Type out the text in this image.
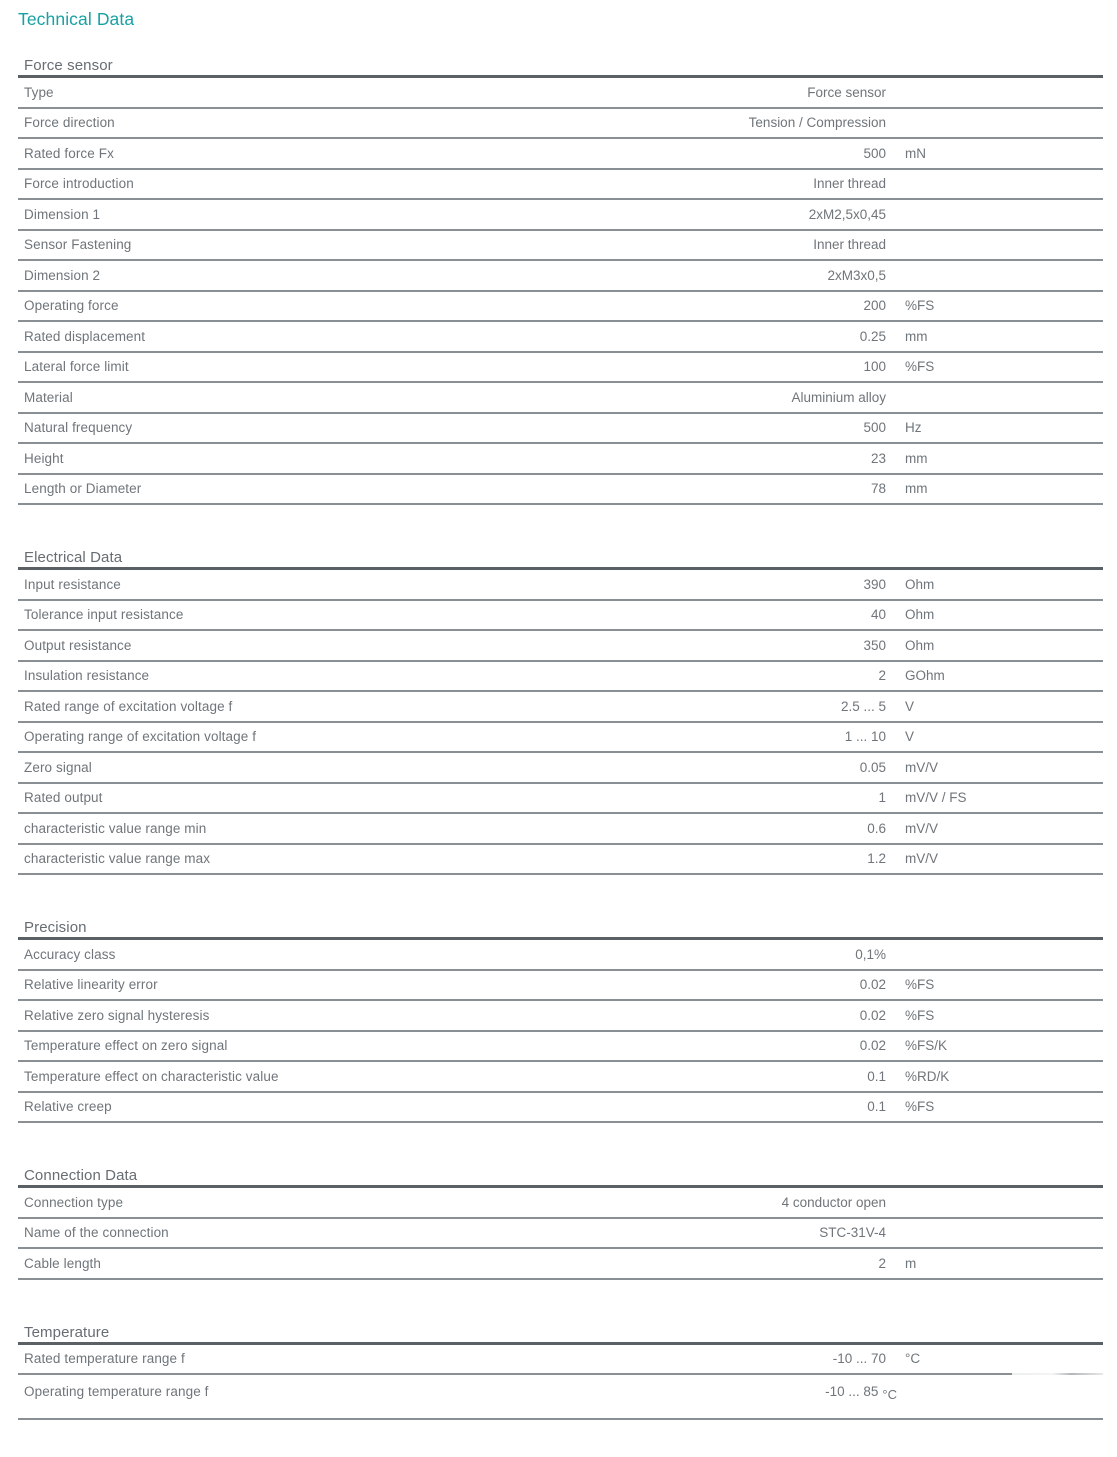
Technical Data
Force sensor
Type	Force sensor
Force direction	Tension / Compression
Rated force Fx	500	mN
Force introduction	Inner thread
Dimension 1	2xM2,5x0,45
Sensor Fastening	Inner thread
Dimension 2	2xM3x0,5
Operating force	200	%FS
Rated displacement	0.25	mm
Lateral force limit	100	%FS
Material	Aluminium alloy
Natural frequency	500	Hz
Height	23	mm
Length or Diameter	78	mm
Electrical Data
Input resistance	390	Ohm
Tolerance input resistance	40	Ohm
Output resistance	350	Ohm
Insulation resistance	2	GOhm
Rated range of excitation voltage f	2.5 ... 5	V
Operating range of excitation voltage f	1 ... 10	V
Zero signal	0.05	mV/V
Rated output	1	mV/V / FS
characteristic value range min	0.6	mV/V
characteristic value range max	1.2	mV/V
Precision
Accuracy class	0,1%
Relative linearity error	0.02	%FS
Relative zero signal hysteresis	0.02	%FS
Temperature effect on zero signal	0.02	%FS/K
Temperature effect on characteristic value	0.1	%RD/K
Relative creep	0.1	%FS
Connection Data
Connection type	4 conductor open
Name of the connection	STC-31V-4
Cable length	2	m
Temperature
Rated temperature range f	-10 ... 70	°C
Operating temperature range f	-10 ... 85 °C
